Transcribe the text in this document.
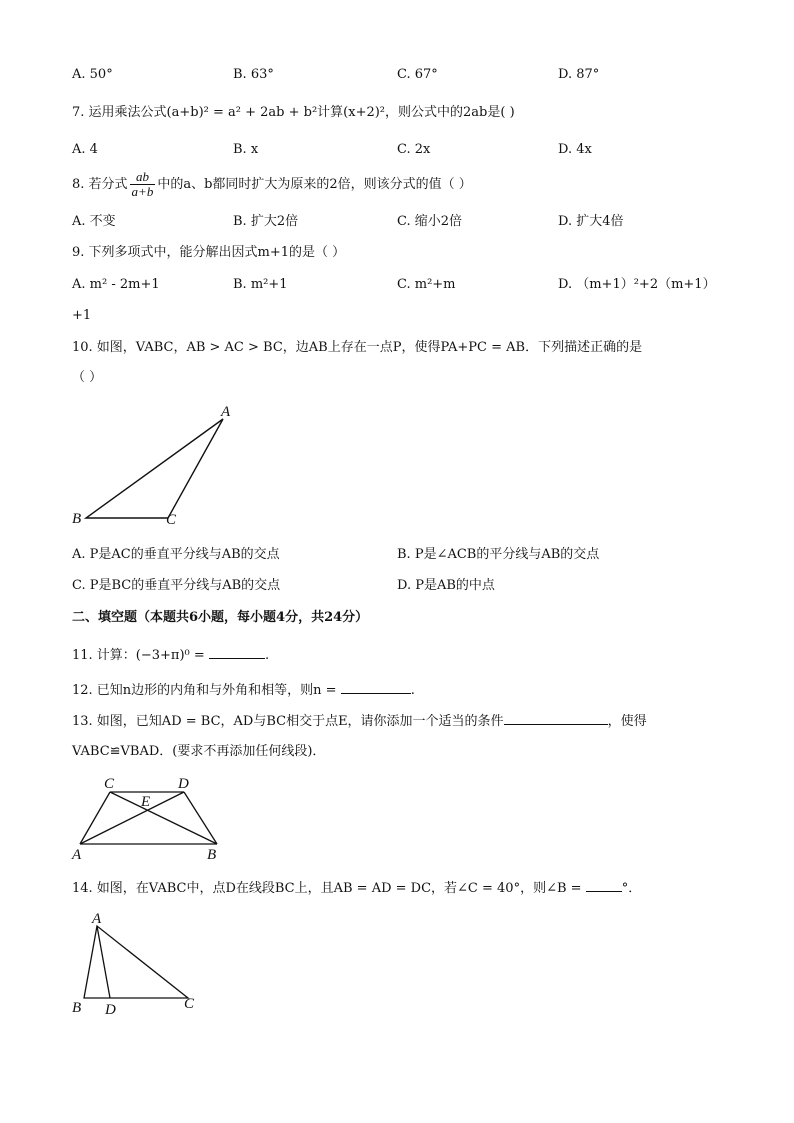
A. 50°	B. 63°	C. 67°	D. 87°
7. 运用乘法公式(a+b)² = a² + 2ab + b²计算(x+2)²，则公式中的2ab是( )
A. 4	B. x	C. 2x	D. 4x
8. 若分式 $\frac{ab}{a+b}$ 中的a、b都同时扩大为原来的2倍，则该分式的值（ ）
A. 不变	B. 扩大2倍	C. 缩小2倍	D. 扩大4倍
9. 下列多项式中，能分解出因式m+1的是（ ）
A. m² - 2m+1	B. m²+1	C. m²+m	D. （m+1）²+2（m+1）
+1
10. 如图，VABC，AB > AC > BC，边AB上存在一点P，使得PA+PC = AB．下列描述正确的是
（ ）
A
B	C
A. P是AC的垂直平分线与AB的交点	B. P是∠ACB的平分线与AB的交点
C. P是BC的垂直平分线与AB的交点	D. P是AB的中点
二、填空题（本题共6小题，每小题4分，共24分）
11. 计算：(−3+π)⁰ =	.
12. 已知n边形的内角和与外角和相等，则n =	.
13. 如图，已知AD = BC，AD与BC相交于点E，请你添加一个适当的条件	，使得
VABC≌VBAD．(要求不再添加任何线段)．
C	D
E
A	B
14. 如图，在VABC中，点D在线段BC上，且AB = AD = DC，若∠C = 40°，则∠B =	°．
A
B D	C
